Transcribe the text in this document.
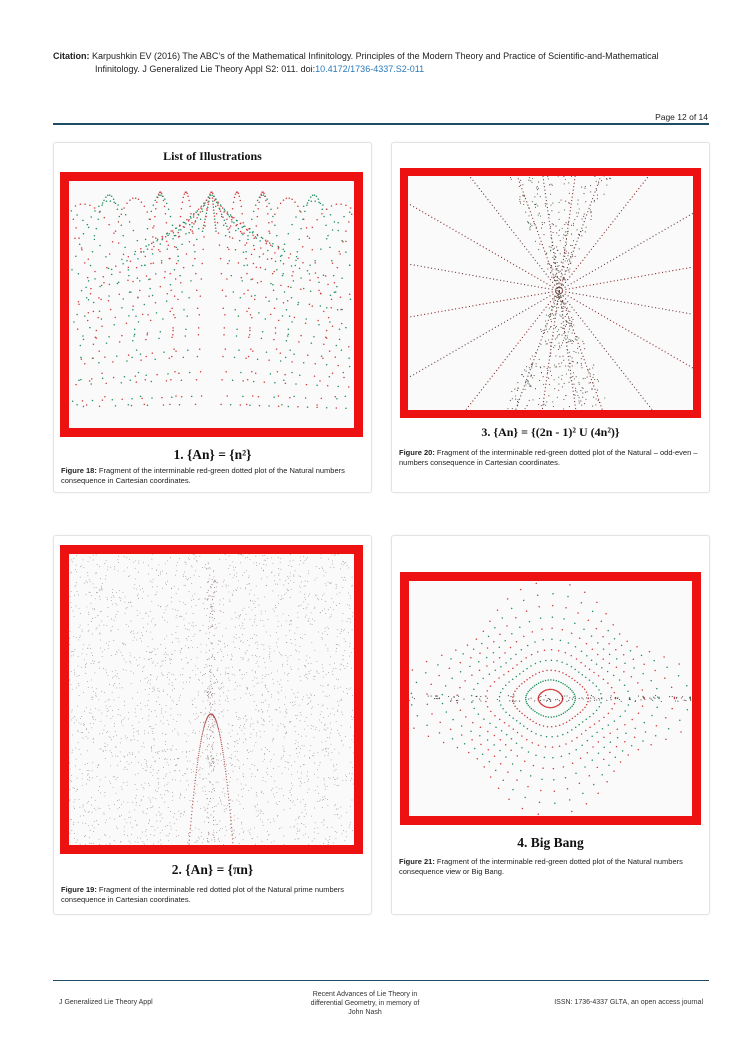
Citation: Karpushkin EV (2016) The ABC’s of the Mathematical Infinitology. Principles of the Modern Theory and Practice of Scientific-and-Mathematical
Infinitology. J Generalized Lie Theory Appl S2: 011. doi:10.4172/1736-4337.S2-011
Page 12 of 14
List of Illustrations
1. {An} = {n²}
Figure 18: Fragment of the interminable red-green dotted plot of the Natural numbers consequence in Cartesian coordinates.
3. {An} = {(2n - 1)² U (4n²)}
Figure 20: Fragment of the interminable red-green dotted plot of the Natural – odd-even – numbers consequence in Cartesian coordinates.
2. {An} = {πn}
Figure 19: Fragment of the interminable red dotted plot of the Natural prime numbers consequence in Cartesian coordinates.
4. Big Bang
Figure 21: Fragment of the interminable red-green dotted plot of the Natural numbers consequence view or Big Bang.
J Generalized Lie Theory Appl
Recent Advances of Lie Theory in
differential Geometry, in memory of
John Nash
ISSN: 1736-4337 GLTA, an open access journal
